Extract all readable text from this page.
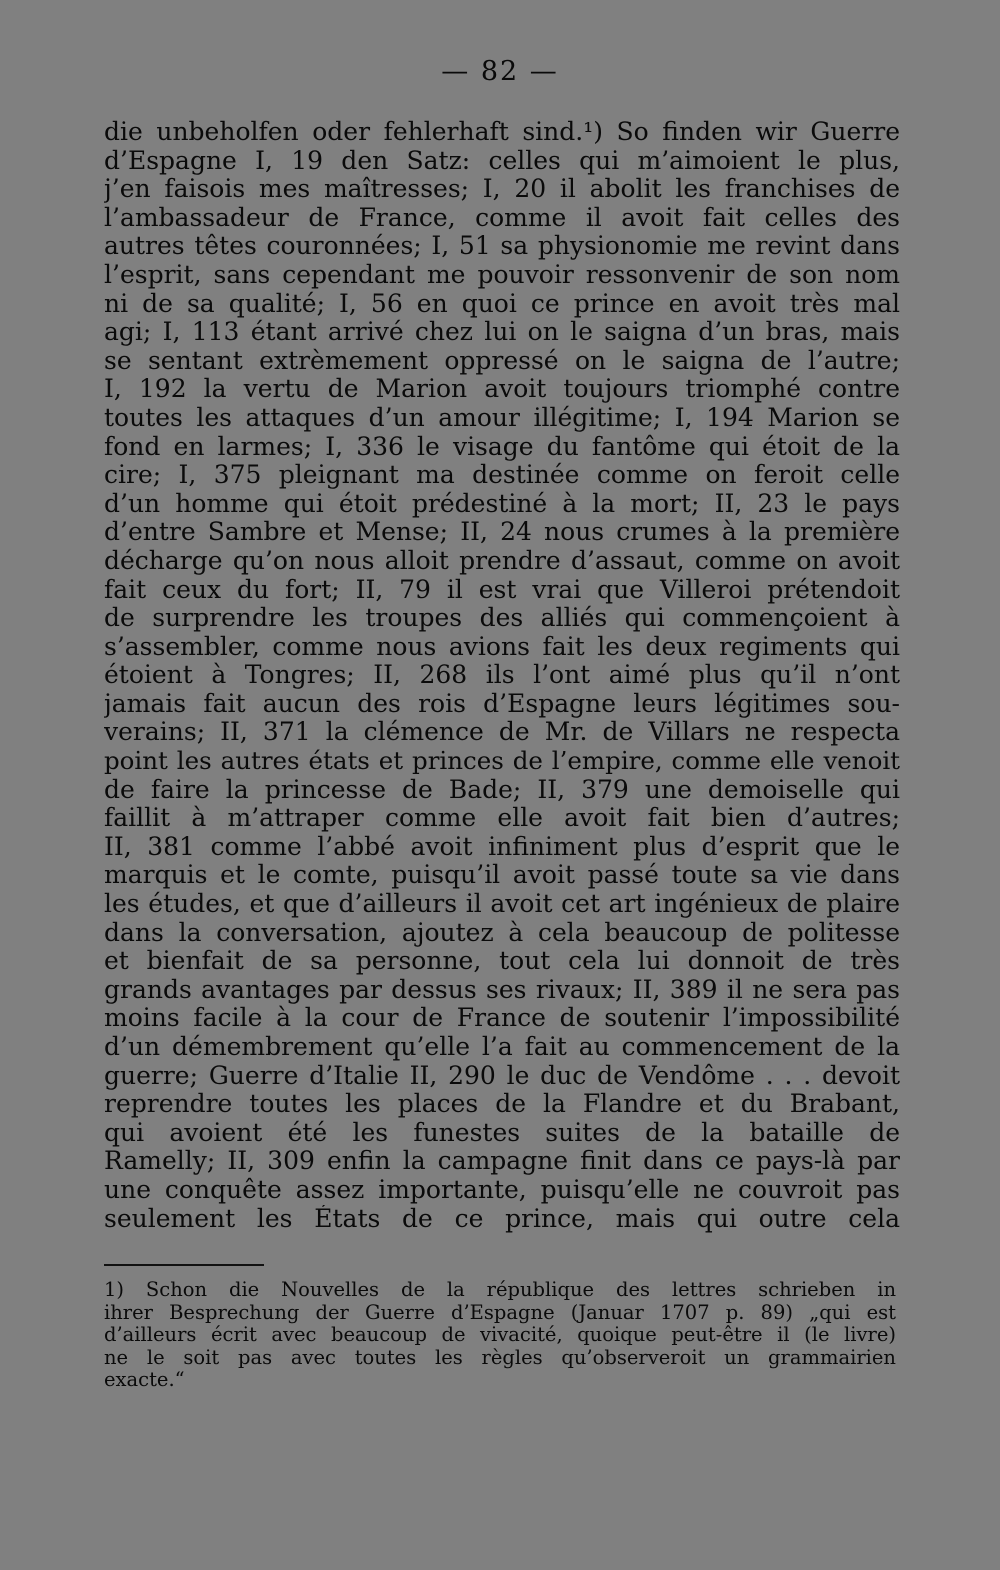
— 82 —
die unbeholfen oder fehlerhaft sind.¹) So finden wir Guerre
d’Espagne I, 19 den Satz: celles qui m’aimoient le plus,
j’en faisois mes maîtresses; I, 20 il abolit les franchises de
l’ambassadeur de France, comme il avoit fait celles des
autres têtes couronnées; I, 51 sa physionomie me revint dans
l’esprit, sans cependant me pouvoir ressonvenir de son nom
ni de sa qualité; I, 56 en quoi ce prince en avoit très mal
agi; I, 113 étant arrivé chez lui on le saigna d’un bras, mais
se sentant extrèmement oppressé on le saigna de l’autre;
I, 192 la vertu de Marion avoit toujours triomphé contre
toutes les attaques d’un amour illégitime; I, 194 Marion se
fond en larmes; I, 336 le visage du fantôme qui étoit de la
cire; I, 375 pleignant ma destinée comme on feroit celle
d’un homme qui étoit prédestiné à la mort; II, 23 le pays
d’entre Sambre et Mense; II, 24 nous crumes à la première
décharge qu’on nous alloit prendre d’assaut, comme on avoit
fait ceux du fort; II, 79 il est vrai que Villeroi prétendoit
de surprendre les troupes des alliés qui commençoient à
s’assembler, comme nous avions fait les deux regiments qui
étoient à Tongres; II, 268 ils l’ont aimé plus qu’il n’ont
jamais fait aucun des rois d’Espagne leurs légitimes sou-
verains; II, 371 la clémence de Mr. de Villars ne respecta
point les autres états et princes de l’empire, comme elle venoit
de faire la princesse de Bade; II, 379 une demoiselle qui
faillit à m’attraper comme elle avoit fait bien d’autres;
II, 381 comme l’abbé avoit infiniment plus d’esprit que le
marquis et le comte, puisqu’il avoit passé toute sa vie dans
les études, et que d’ailleurs il avoit cet art ingénieux de plaire
dans la conversation, ajoutez à cela beaucoup de politesse
et bienfait de sa personne, tout cela lui donnoit de très
grands avantages par dessus ses rivaux; II, 389 il ne sera pas
moins facile à la cour de France de soutenir l’impossibilité
d’un démembrement qu’elle l’a fait au commencement de la
guerre; Guerre d’Italie II, 290 le duc de Vendôme . . . devoit
reprendre toutes les places de la Flandre et du Brabant,
qui avoient été les funestes suites de la bataille de
Ramelly; II, 309 enfin la campagne finit dans ce pays-là par
une conquête assez importante, puisqu’elle ne couvroit pas
seulement les États de ce prince, mais qui outre cela
1) Schon die Nouvelles de la république des lettres schrieben in
ihrer Besprechung der Guerre d’Espagne (Januar 1707 p. 89) „qui est
d’ailleurs écrit avec beaucoup de vivacité, quoique peut-être il (le livre)
ne le soit pas avec toutes les règles qu’observeroit un grammairien
exacte.“
